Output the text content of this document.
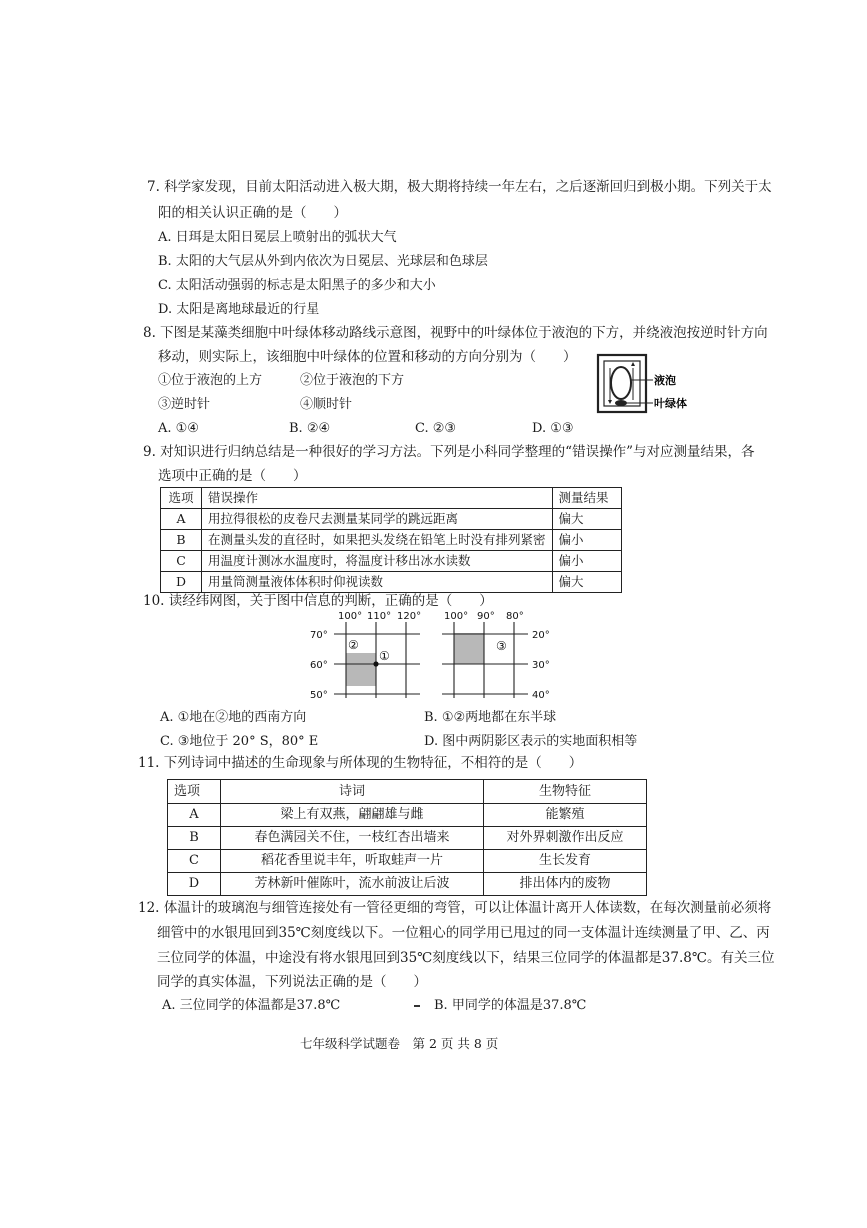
7. 科学家发现，目前太阳活动进入极大期，极大期将持续一年左右，之后逐渐回归到极小期。下列关于太
阳的相关认识正确的是（　　）
A. 日珥是太阳日冕层上喷射出的弧状大气
B. 太阳的大气层从外到内依次为日冕层、光球层和色球层
C. 太阳活动强弱的标志是太阳黑子的多少和大小
D. 太阳是离地球最近的行星
8. 下图是某藻类细胞中叶绿体移动路线示意图，视野中的叶绿体位于液泡的下方，并绕液泡按逆时针方向
移动，则实际上，该细胞中叶绿体的位置和移动的方向分别为（　　）
①位于液泡的上方	②位于液泡的下方
③逆时针	④顺时针
A. ①④	B. ②④	C. ②③	D. ①③
液泡
叶绿体
9. 对知识进行归纳总结是一种很好的学习方法。下列是小科同学整理的“错误操作”与对应测量结果，各
选项中正确的是（　　）
选项	错误操作	测量结果
A	用拉得很松的皮卷尺去测量某同学的跳远距离	偏大
B	在测量头发的直径时，如果把头发绕在铅笔上时没有排列紧密	偏小
C	用温度计测冰水温度时，将温度计移出冰水读数	偏小
D	用量筒测量液体体积时仰视读数	偏大
10. 读经纬网图，关于图中信息的判断，正确的是（　　）
100° 110° 120°
70°
60°
50°
①
②
100° 90° 80°
20°
30°
40°
③
A. ①地在②地的西南方向	B. ①②两地都在东半球
C. ③地位于 20° S，80° E	D. 图中两阴影区表示的实地面积相等
11. 下列诗词中描述的生命现象与所体现的生物特征，不相符的是（　　）
选项	诗词	生物特征
A	梁上有双燕，翩翩雄与雌	能繁殖
B	春色满园关不住，一枝红杏出墙来	对外界刺激作出反应
C	稻花香里说丰年，听取蛙声一片	生长发育
D	芳林新叶催陈叶，流水前波让后波	排出体内的废物
12. 体温计的玻璃泡与细管连接处有一管径更细的弯管，可以让体温计离开人体读数，在每次测量前必须将
细管中的水银甩回到35℃刻度线以下。一位粗心的同学用已甩过的同一支体温计连续测量了甲、乙、丙
三位同学的体温，中途没有将水银甩回到35℃刻度线以下，结果三位同学的体温都是37.8℃。有关三位
同学的真实体温，下列说法正确的是（　　）
A. 三位同学的体温都是37.8℃	B. 甲同学的体温是37.8℃
七年级科学试题卷　第 2 页 共 8 页
